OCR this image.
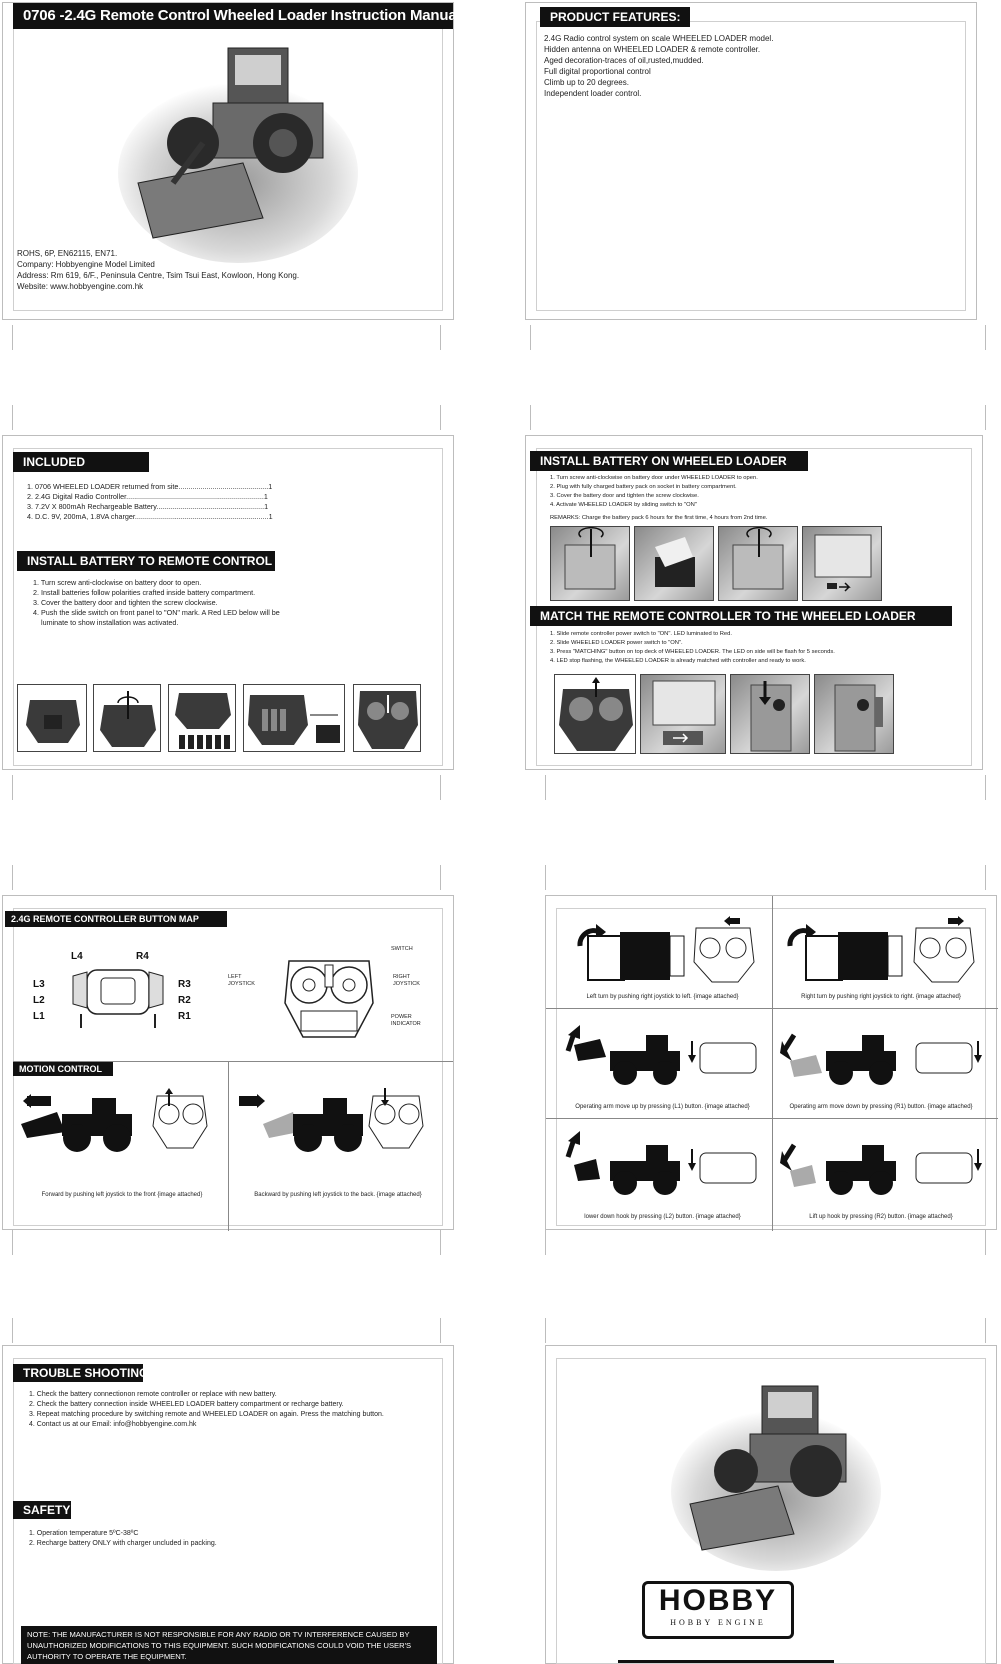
0706 -2.4G Remote Control Wheeled Loader Instruction Manual
ROHS, 6P, EN62115, EN71.
Company: Hobbyengine Model Limited
Address: Rm 619, 6/F., Peninsula Centre, Tsim Tsui East, Kowloon, Hong Kong.
Website: www.hobbyengine.com.hk
PRODUCT FEATURES:
2.4G Radio control system on scale WHEELED LOADER model.
Hidden antenna on WHEELED LOADER & remote controller.
Aged decoration-traces of oil,rusted,mudded.
Full digital proportional control
Climb up to 20 degrees.
Independent loader control.
INCLUDED
1. 0706 WHEELED LOADER returned from site.............................................1
2. 2.4G Digital Radio Controller.....................................................................1
3. 7.2V X 800mAh Rechargeable Battery......................................................1
4. D.C. 9V, 200mA, 1.8VA charger...................................................................1
INSTALL BATTERY TO REMOTE CONTROL
1. Turn screw anti-clockwise on battery door to open.
2. Install batteries follow polarities crafted inside battery compartment.
3. Cover the battery door and tighten the screw clockwise.
4. Push the slide switch on front panel to "ON" mark. A Red LED below will be
luminate to show installation was activated.
INSTALL BATTERY ON WHEELED LOADER
1. Turn screw anti-clockwise on battery door under WHEELED LOADER to open.
2. Plug with fully charged battery pack on socket in battery compartment.
3. Cover the battery door and tighten the screw clockwise.
4. Activate WHEELED LOADER by sliding switch to "ON"
REMARKS: Charge the battery pack 6 hours for the first time, 4 hours from 2nd time.
MATCH THE REMOTE CONTROLLER TO THE WHEELED LOADER
1. Slide remote controller power switch to "ON". LED luminated to Red.
2. Slide WHEELED LOADER power switch to "ON".
3. Press "MATCHING" button on top deck of WHEELED LOADER. The LED on side will be flash for 5 seconds.
4. LED stop flashing, the WHEELED LOADER is already matched with controller and ready to work.
2.4G REMOTE CONTROLLER BUTTON MAP
L4	R4
L3
L2
L1
R3
R2
R1
SWITCH
LEFT JOYSTICK
RIGHT JOYSTICK
POWER INDICATOR
MOTION CONTROL
Forward by pushing left joystick to the front {image attached}	Backward by pushing left joystick to the back. {image attached}
Left turn by pushing right joystick to left. {image attached}	Right turn by pushing right joystick to right. {image attached}
Operating arm move up by pressing (L1) button. {image attached}	Operating arm move down by pressing (R1) button. {image attached}
lower down hook by pressing (L2) button. {image attached}	Lift up hook by pressing (R2) button. {image attached}
TROUBLE SHOOTING
1. Check the battery connectionon remote controller or replace with new battery.
2. Check the battery connection inside WHEELED LOADER battery compartment or recharge battery.
3. Repeat matching procedure by switching remote and WHEELED LOADER on again. Press the matching button.
4. Contact us at our Email: info@hobbyengine.com.hk
SAFETY
1. Operation temperature 5ºC-38ºC
2. Recharge battery ONLY with charger uncluded in packing.
NOTE: THE MANUFACTURER IS NOT RESPONSIBLE FOR ANY RADIO OR TV INTERFERENCE CAUSED BY UNAUTHORIZED MODIFICATIONS TO THIS EQUIPMENT. SUCH MODIFICATIONS COULD VOID THE USER'S AUTHORITY TO OPERATE THE EQUIPMENT.
HOBBY
HOBBY ENGINE
